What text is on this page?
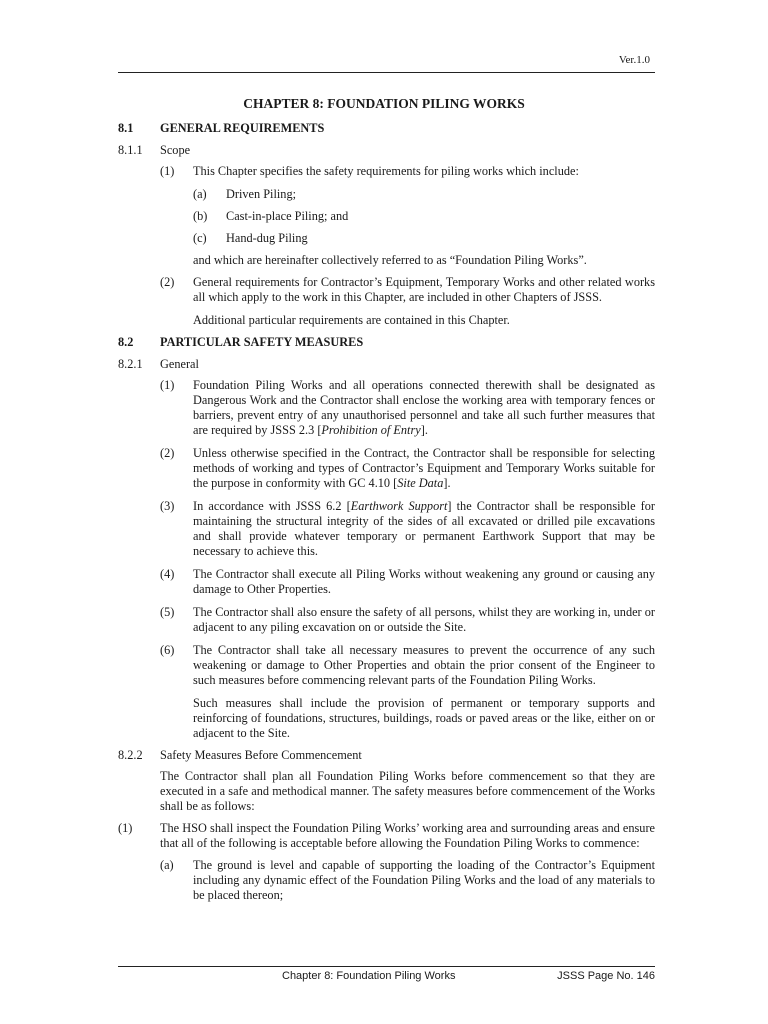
Ver.1.0
CHAPTER 8: FOUNDATION PILING WORKS
8.1	GENERAL REQUIREMENTS
8.1.1	Scope
(1)	This Chapter specifies the safety requirements for piling works which include:
(a)	Driven Piling;
(b)	Cast-in-place Piling; and
(c)	Hand-dug Piling
and which are hereinafter collectively referred to as “Foundation Piling Works”.
(2)	General requirements for Contractor’s Equipment, Temporary Works and other related works all which apply to the work in this Chapter, are included in other Chapters of JSSS.
Additional particular requirements are contained in this Chapter.
8.2	PARTICULAR SAFETY MEASURES
8.2.1	General
(1)	Foundation Piling Works and all operations connected therewith shall be designated as Dangerous Work and the Contractor shall enclose the working area with temporary fences or barriers, prevent entry of any unauthorised personnel and take all such further measures that are required by JSSS 2.3 [Prohibition of Entry].
(2)	Unless otherwise specified in the Contract, the Contractor shall be responsible for selecting methods of working and types of Contractor’s Equipment and Temporary Works suitable for the purpose in conformity with GC 4.10 [Site Data].
(3)	In accordance with JSSS 6.2 [Earthwork Support] the Contractor shall be responsible for maintaining the structural integrity of the sides of all excavated or drilled pile excavations and shall provide whatever temporary or permanent Earthwork Support that may be necessary to achieve this.
(4)	The Contractor shall execute all Piling Works without weakening any ground or causing any damage to Other Properties.
(5)	The Contractor shall also ensure the safety of all persons, whilst they are working in, under or adjacent to any piling excavation on or outside the Site.
(6)	The Contractor shall take all necessary measures to prevent the occurrence of any such weakening or damage to Other Properties and obtain the prior consent of the Engineer to such measures before commencing relevant parts of the Foundation Piling Works.
Such measures shall include the provision of permanent or temporary supports and reinforcing of foundations, structures, buildings, roads or paved areas or the like, either on or adjacent to the Site.
8.2.2	Safety Measures Before Commencement
The Contractor shall plan all Foundation Piling Works before commencement so that they are executed in a safe and methodical manner. The safety measures before commencement of the Works shall be as follows:
(1)	The HSO shall inspect the Foundation Piling Works’ working area and surrounding areas and ensure that all of the following is acceptable before allowing the Foundation Piling Works to commence:
(a)	The ground is level and capable of supporting the loading of the Contractor’s Equipment including any dynamic effect of the Foundation Piling Works and the load of any materials to be placed thereon;
Chapter 8: Foundation Piling Works	JSSS Page No. 146
